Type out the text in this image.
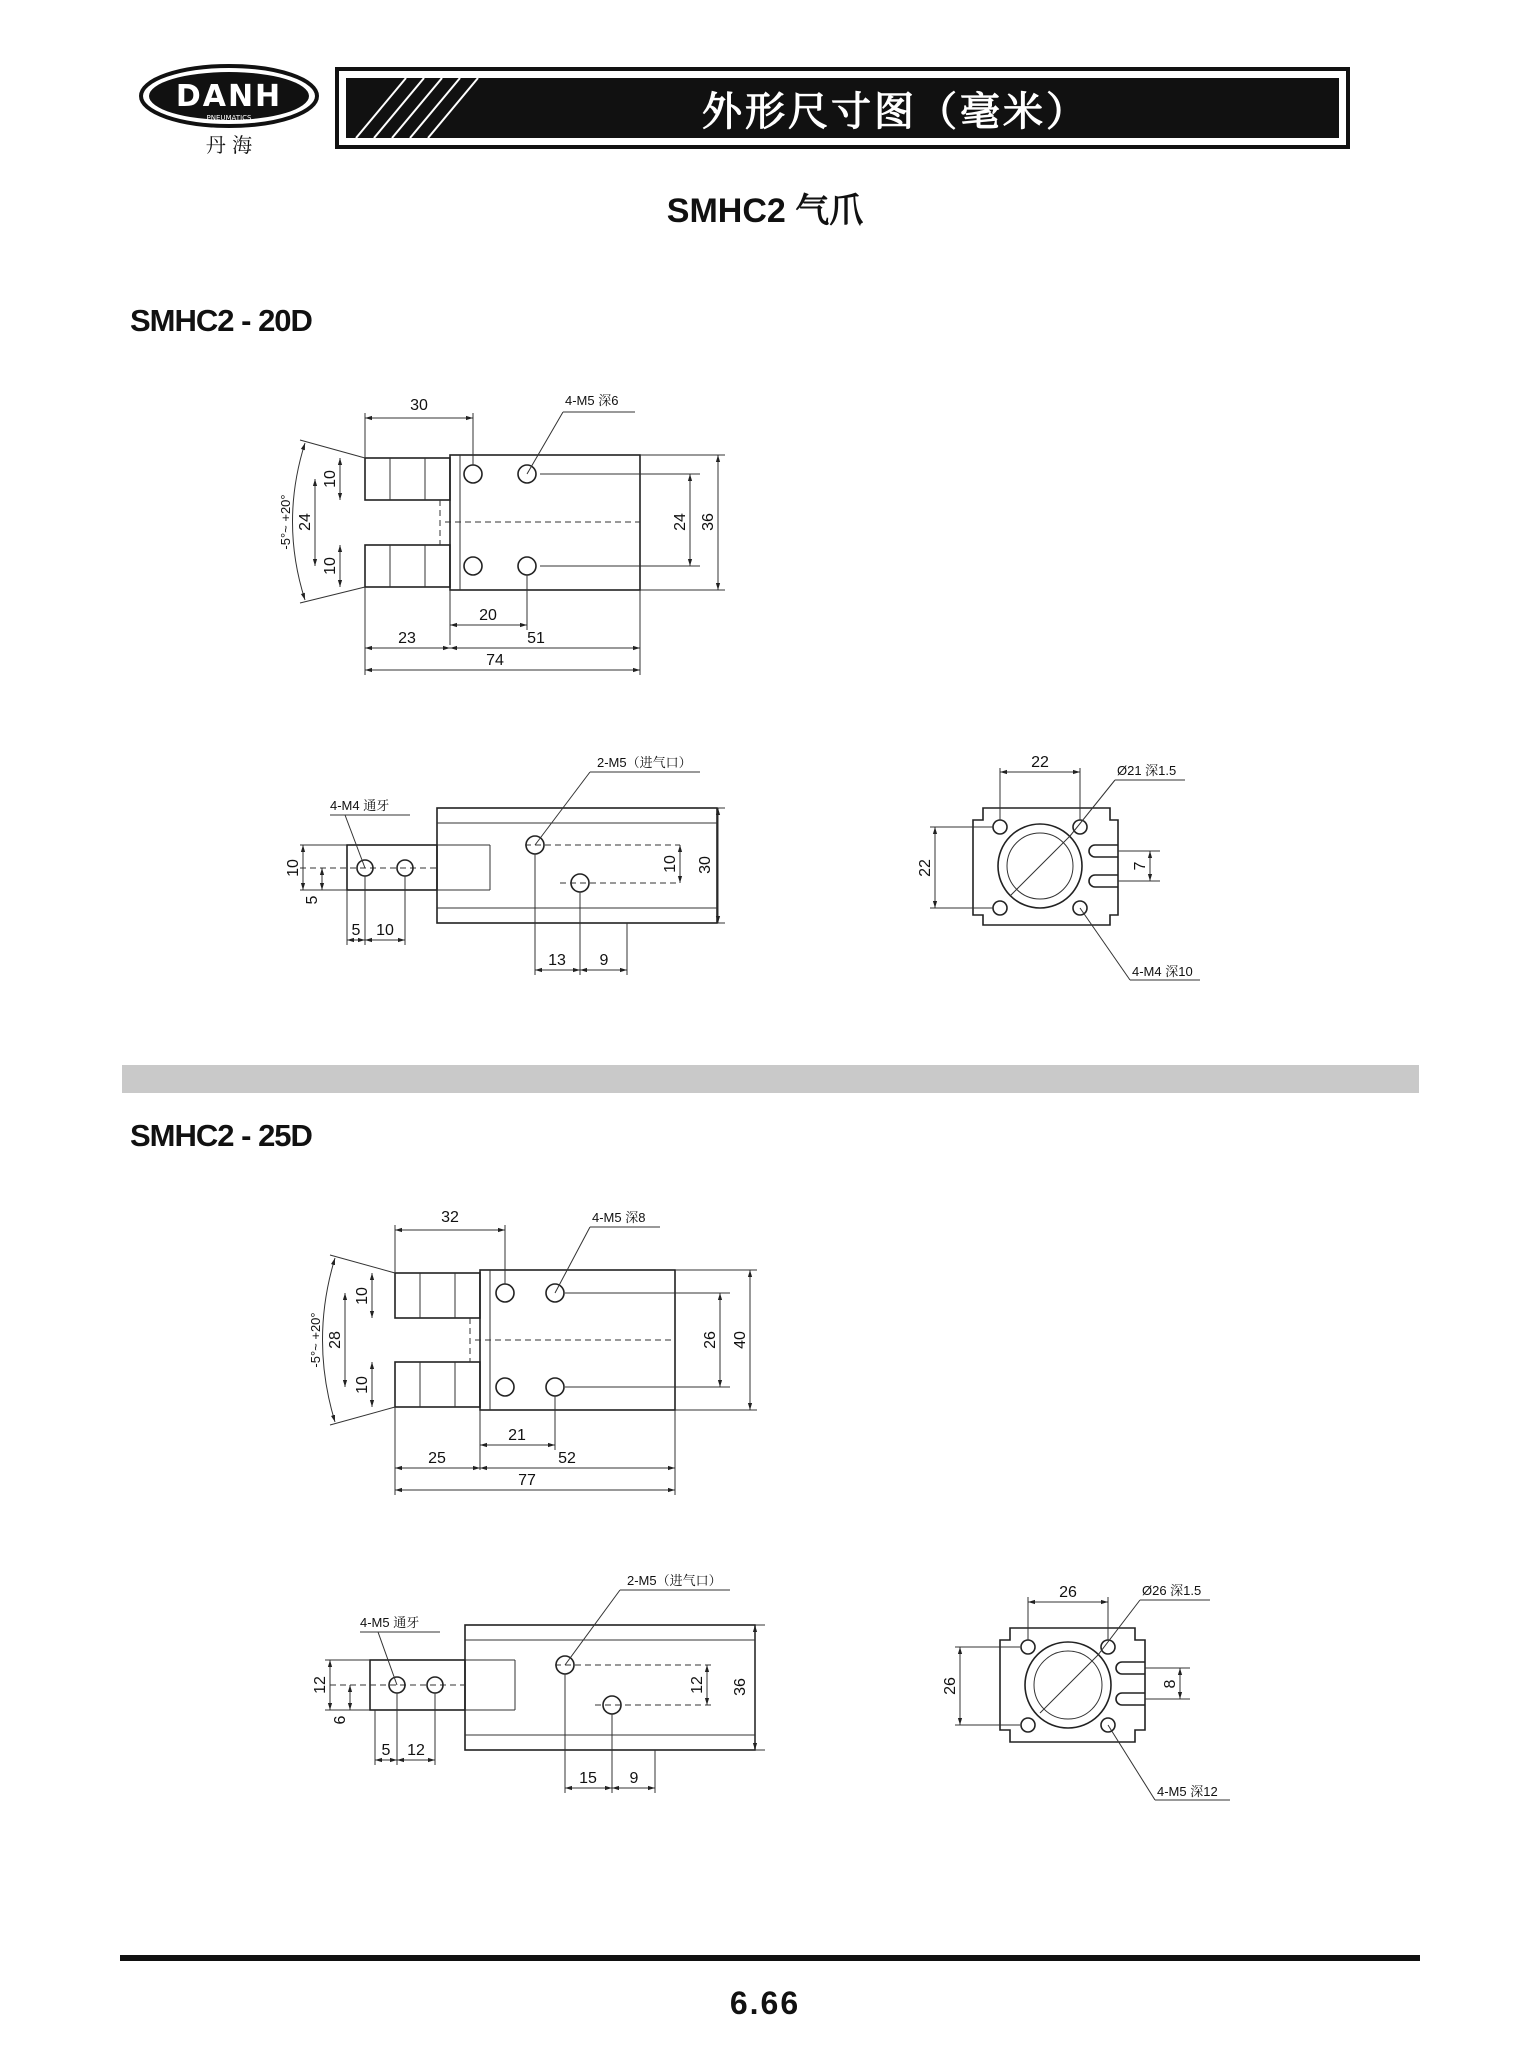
DANH
PNEUMATICS
丹 海
外形尺寸图（毫米）
SMHC2 气爪
SMHC2 - 20D
SMHC2 - 25D
30
10
24
10
-5°~ +20°	24 36
20
23	51
74
4-M5 深6
10
5
5 10
10 30
13 9
4-M4 通牙
2-M5（进气口）	22
22	7
Ø21 深1.5
4-M4 深10
32
10
28
10
-5°~ +20°	26 40
21
25	52
77
4-M5 深8
12
6
5 12
12 36
15 9
4-M5 通牙
2-M5（进气口）
26
26	8
Ø26 深1.5
4-M5 深12
6.66
